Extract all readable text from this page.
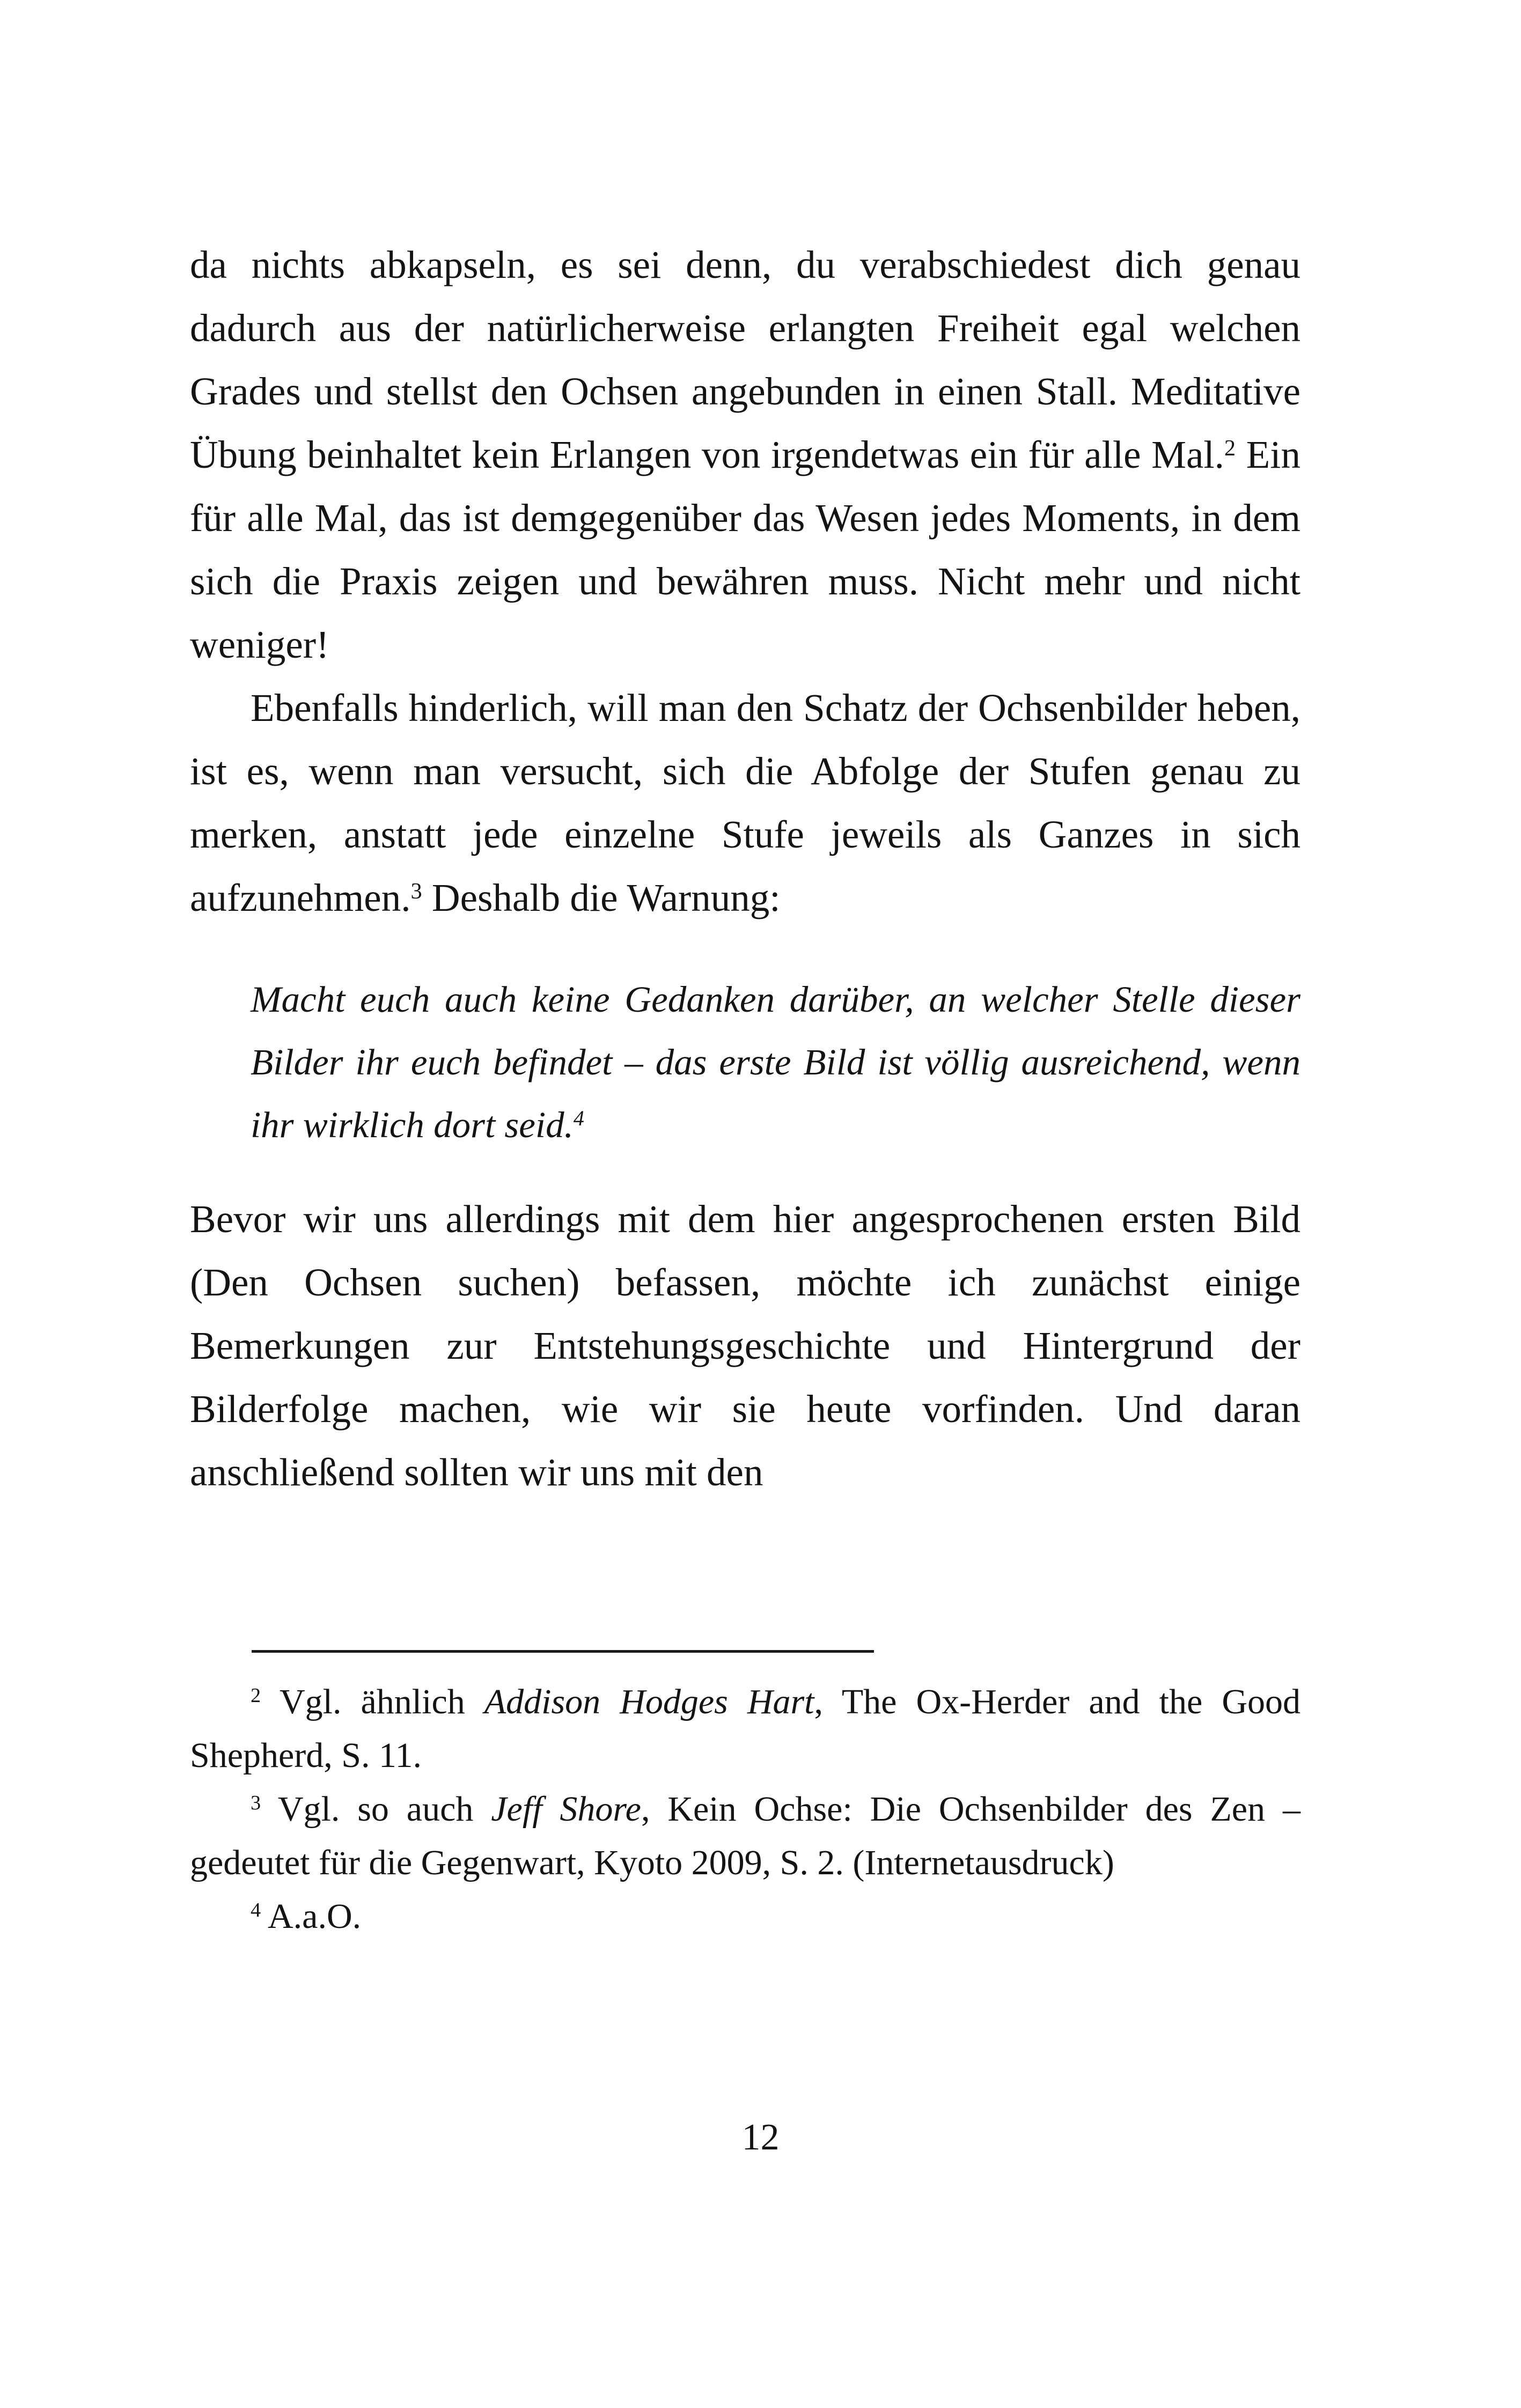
da nichts abkapseln, es sei denn, du verabschiedest dich genau dadurch aus der natürlicherweise erlangten Freiheit egal welchen Grades und stellst den Ochsen angebunden in einen Stall. Meditative Übung beinhaltet kein Erlangen von irgendetwas ein für alle Mal.$^2$ Ein für alle Mal, das ist demgegenüber das Wesen jedes Moments, in dem sich die Praxis zeigen und bewähren muss. Nicht mehr und nicht weniger!

Ebenfalls hinderlich, will man den Schatz der Ochsenbilder heben, ist es, wenn man versucht, sich die Abfolge der Stufen genau zu merken, anstatt jede einzelne Stufe jeweils als Ganzes in sich aufzunehmen.$^3$ Deshalb die Warnung:

Macht euch auch keine Gedanken darüber, an welcher Stelle dieser Bilder ihr euch befindet – das erste Bild ist völlig ausreichend, wenn ihr wirklich dort seid.$^4$

Bevor wir uns allerdings mit dem hier angesprochenen ersten Bild (Den Ochsen suchen) befassen, möchte ich zunächst einige Bemerkungen zur Entstehungsgeschichte und Hintergrund der Bilderfolge machen, wie wir sie heute vorfinden. Und daran anschließend sollten wir uns mit den

$^2$ Vgl. ähnlich Addison Hodges Hart, The Ox-Herder and the Good Shepherd, S. 11.

$^3$ Vgl. so auch Jeff Shore, Kein Ochse: Die Ochsenbilder des Zen – gedeutet für die Gegenwart, Kyoto 2009, S. 2. (Internetausdruck)

$^4$ A.a.O.

12
